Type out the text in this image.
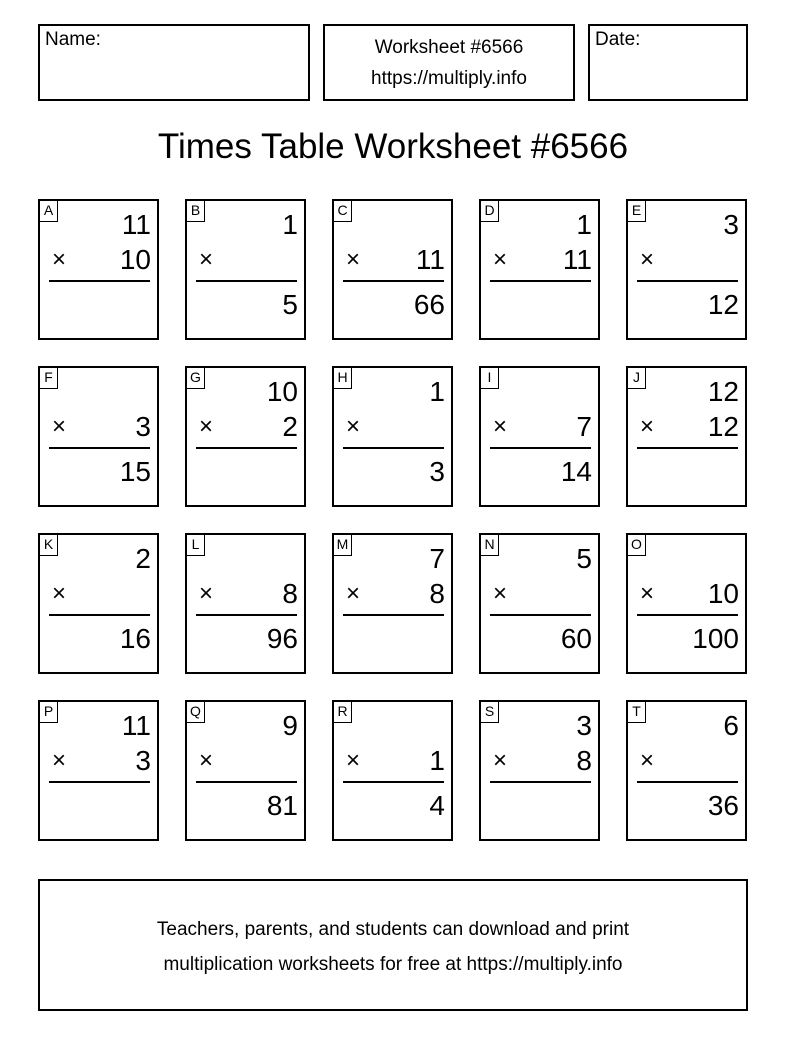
Name:	Worksheet #6566
https://multiply.info
Date:
Times Table Worksheet #6566
A 11
× 10
B	1
×
5
C
× 11
66
D	1
× 11
E	3
×
12
F
× 3
15
G 10
× 2
H	1
×
3
I
× 7
14
J 12
× 12
K	2
×
16
L
× 8
96
M	7
× 8
N	5
×
60
O
× 10
100
P 11
× 3
Q	9
×
81
R
× 1
4
S	3
× 8
T	6
×
36
Teachers, parents, and students can download and print
multiplication worksheets for free at https://multiply.info
